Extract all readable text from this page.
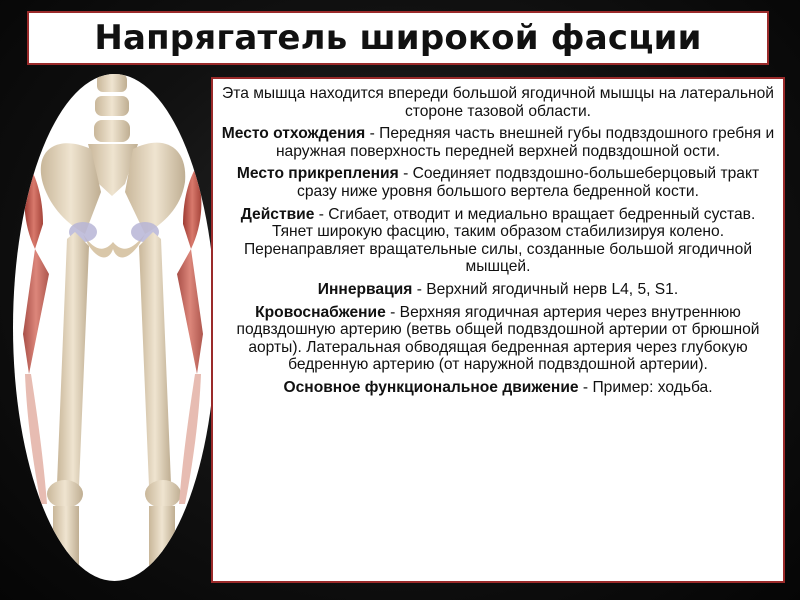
Напрягатель широкой фасции

Эта мышца находится впереди большой ягодичной мышцы на латеральной стороне тазовой области.

Место отхождения - Передняя часть внешней губы подвздошного гребня и наружная поверхность передней верхней подвздошной ости.

Место прикрепления - Соединяет подвздошно-большеберцовый тракт сразу ниже уровня большого вертела бедренной кости.

Действие - Сгибает, отводит и медиально вращает бедренный сустав. Тянет широкую фасцию, таким образом стабилизируя колено. Перенаправляет вращательные силы, созданные большой ягодичной мышцей.

Иннервация - Верхний ягодичный нерв L4, 5, S1.

Кровоснабжение - Верхняя ягодичная артерия через внутреннюю подвздошную артерию (ветвь общей подвздошной артерии от брюшной аорты). Латеральная обводящая бедренная артерия через глубокую бедренную артерию (от наружной подвздошной артерии).

Основное функциональное движение - Пример: ходьба.
